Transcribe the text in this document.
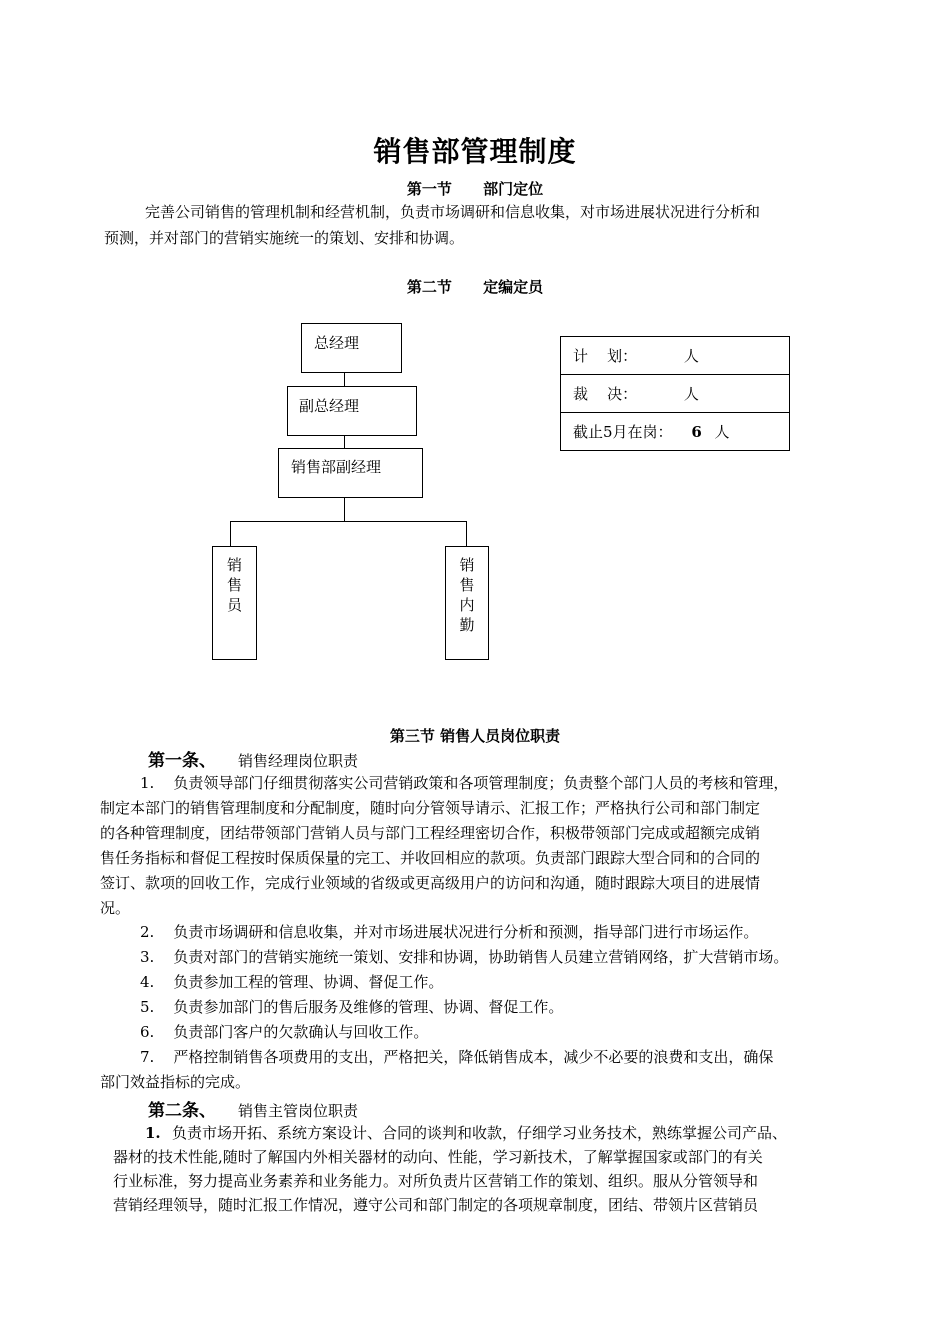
销售部管理制度
第一节      部门定位
完善公司销售的管理机制和经营机制，负责市场调研和信息收集，对市场进展状况进行分析和
预测，并对部门的营销实施统一的策划、安排和协调。
第二节      定编定员
总经理
副总经理
销售部副经理
销
售
员
销
售
内
勤
计    划：	人
裁    决：	人
截止5月在岗： 6 人
第三节 销售人员岗位职责
第一条、 销售经理岗位职责
1.    负责领导部门仔细贯彻落实公司营销政策和各项管理制度；负责整个部门人员的考核和管理，
制定本部门的销售管理制度和分配制度，随时向分管领导请示、汇报工作；严格执行公司和部门制定
的各种管理制度，团结带领部门营销人员与部门工程经理密切合作，积极带领部门完成或超额完成销
售任务指标和督促工程按时保质保量的完工、并收回相应的款项。负责部门跟踪大型合同和的合同的
签订、款项的回收工作，完成行业领域的省级或更高级用户的访问和沟通，随时跟踪大项目的进展情
况。
2.    负责市场调研和信息收集，并对市场进展状况进行分析和预测，指导部门进行市场运作。
3.    负责对部门的营销实施统一策划、安排和协调，协助销售人员建立营销网络，扩大营销市场。
4.    负责参加工程的管理、协调、督促工作。
5.    负责参加部门的售后服务及维修的管理、协调、督促工作。
6.    负责部门客户的欠款确认与回收工作。
7.    严格控制销售各项费用的支出，严格把关，降低销售成本，减少不必要的浪费和支出，确保
部门效益指标的完成。
第二条、 销售主管岗位职责
1. 负责市场开拓、系统方案设计、合同的谈判和收款，仔细学习业务技术，熟练掌握公司产品、
器材的技术性能,随时了解国内外相关器材的动向、性能，学习新技术，了解掌握国家或部门的有关
行业标准，努力提高业务素养和业务能力。对所负责片区营销工作的策划、组织。服从分管领导和
营销经理领导，随时汇报工作情况，遵守公司和部门制定的各项规章制度，团结、带领片区营销员
